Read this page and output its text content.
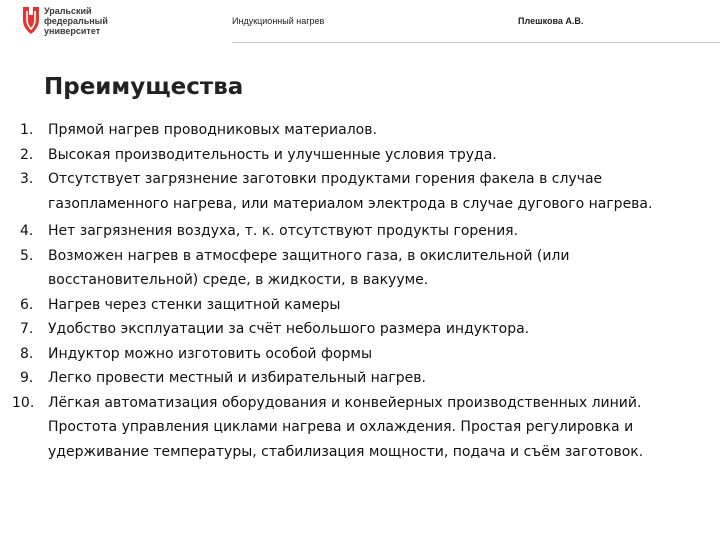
Уральский
федеральный
университет
Индукционный нагрев	Плешкова А.В.
Преимущества
1. Прямой нагрев проводниковых материалов.
2. Высокая производительность и улучшенные условия труда.
3. Отсутствует загрязнение заготовки продуктами горения факела в случае газопламенного нагрева, или материалом электрода в случае дугового нагрева.
4. Нет загрязнения воздуха, т. к. отсутствуют продукты горения.
5. Возможен нагрев в атмосфере защитного газа, в окислительной (или восстановительной) среде, в жидкости, в вакууме.
6. Нагрев через стенки защитной камеры
7. Удобство эксплуатации за счёт небольшого размера индуктора.
8. Индуктор можно изготовить особой формы
9. Легко провести местный и избирательный нагрев.
10. Лёгкая автоматизация оборудования и конвейерных производственных линий. Простота управления циклами нагрева и охлаждения. Простая регулировка и удерживание температуры, стабилизация мощности, подача и съём заготовок.
